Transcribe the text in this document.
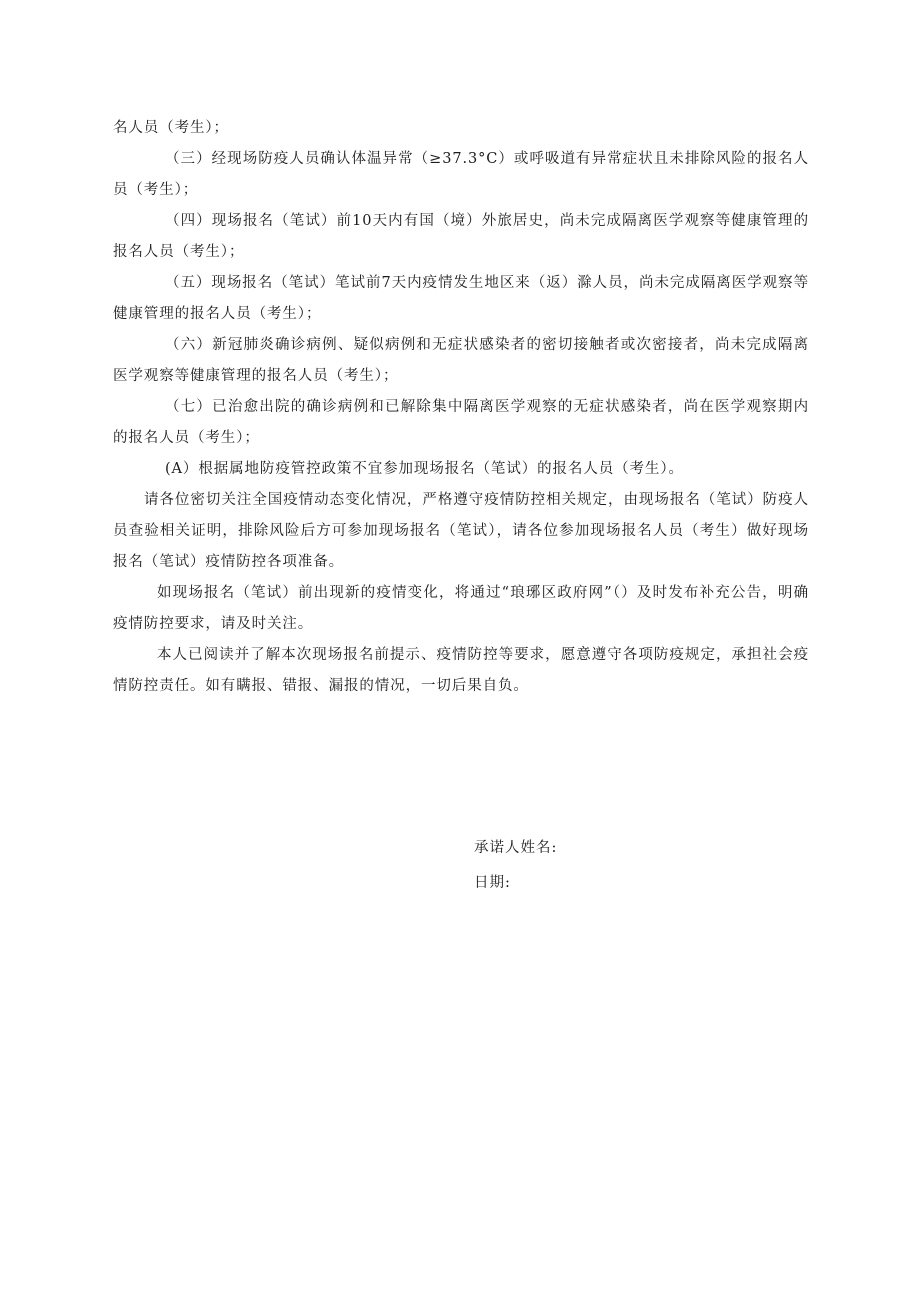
名人员（考生）；

（三）经现场防疫人员确认体温异常（≥37.3°C）或呼吸道有异常症状且未排除风险的报名人员（考生）；

（四）现场报名（笔试）前10天内有国（境）外旅居史，尚未完成隔离医学观察等健康管理的报名人员（考生）；

（五）现场报名（笔试）笔试前7天内疫情发生地区来（返）滁人员，尚未完成隔离医学观察等健康管理的报名人员（考生）；

（六）新冠肺炎确诊病例、疑似病例和无症状感染者的密切接触者或次密接者，尚未完成隔离医学观察等健康管理的报名人员（考生）；

（七）已治愈出院的确诊病例和已解除集中隔离医学观察的无症状感染者，尚在医学观察期内的报名人员（考生）；

(A）根据属地防疫管控政策不宜参加现场报名（笔试）的报名人员（考生）。

请各位密切关注全国疫情动态变化情况，严格遵守疫情防控相关规定，由现场报名（笔试）防疫人员查验相关证明，排除风险后方可参加现场报名（笔试），请各位参加现场报名人员（考生）做好现场报名（笔试）疫情防控各项准备。

如现场报名（笔试）前出现新的疫情变化，将通过“琅琊区政府网”（）及时发布补充公告，明确疫情防控要求，请及时关注。

本人已阅读并了解本次现场报名前提示、疫情防控等要求，愿意遵守各项防疫规定，承担社会疫情防控责任。如有瞒报、错报、漏报的情况，一切后果自负。

承诺人姓名:

日期:
